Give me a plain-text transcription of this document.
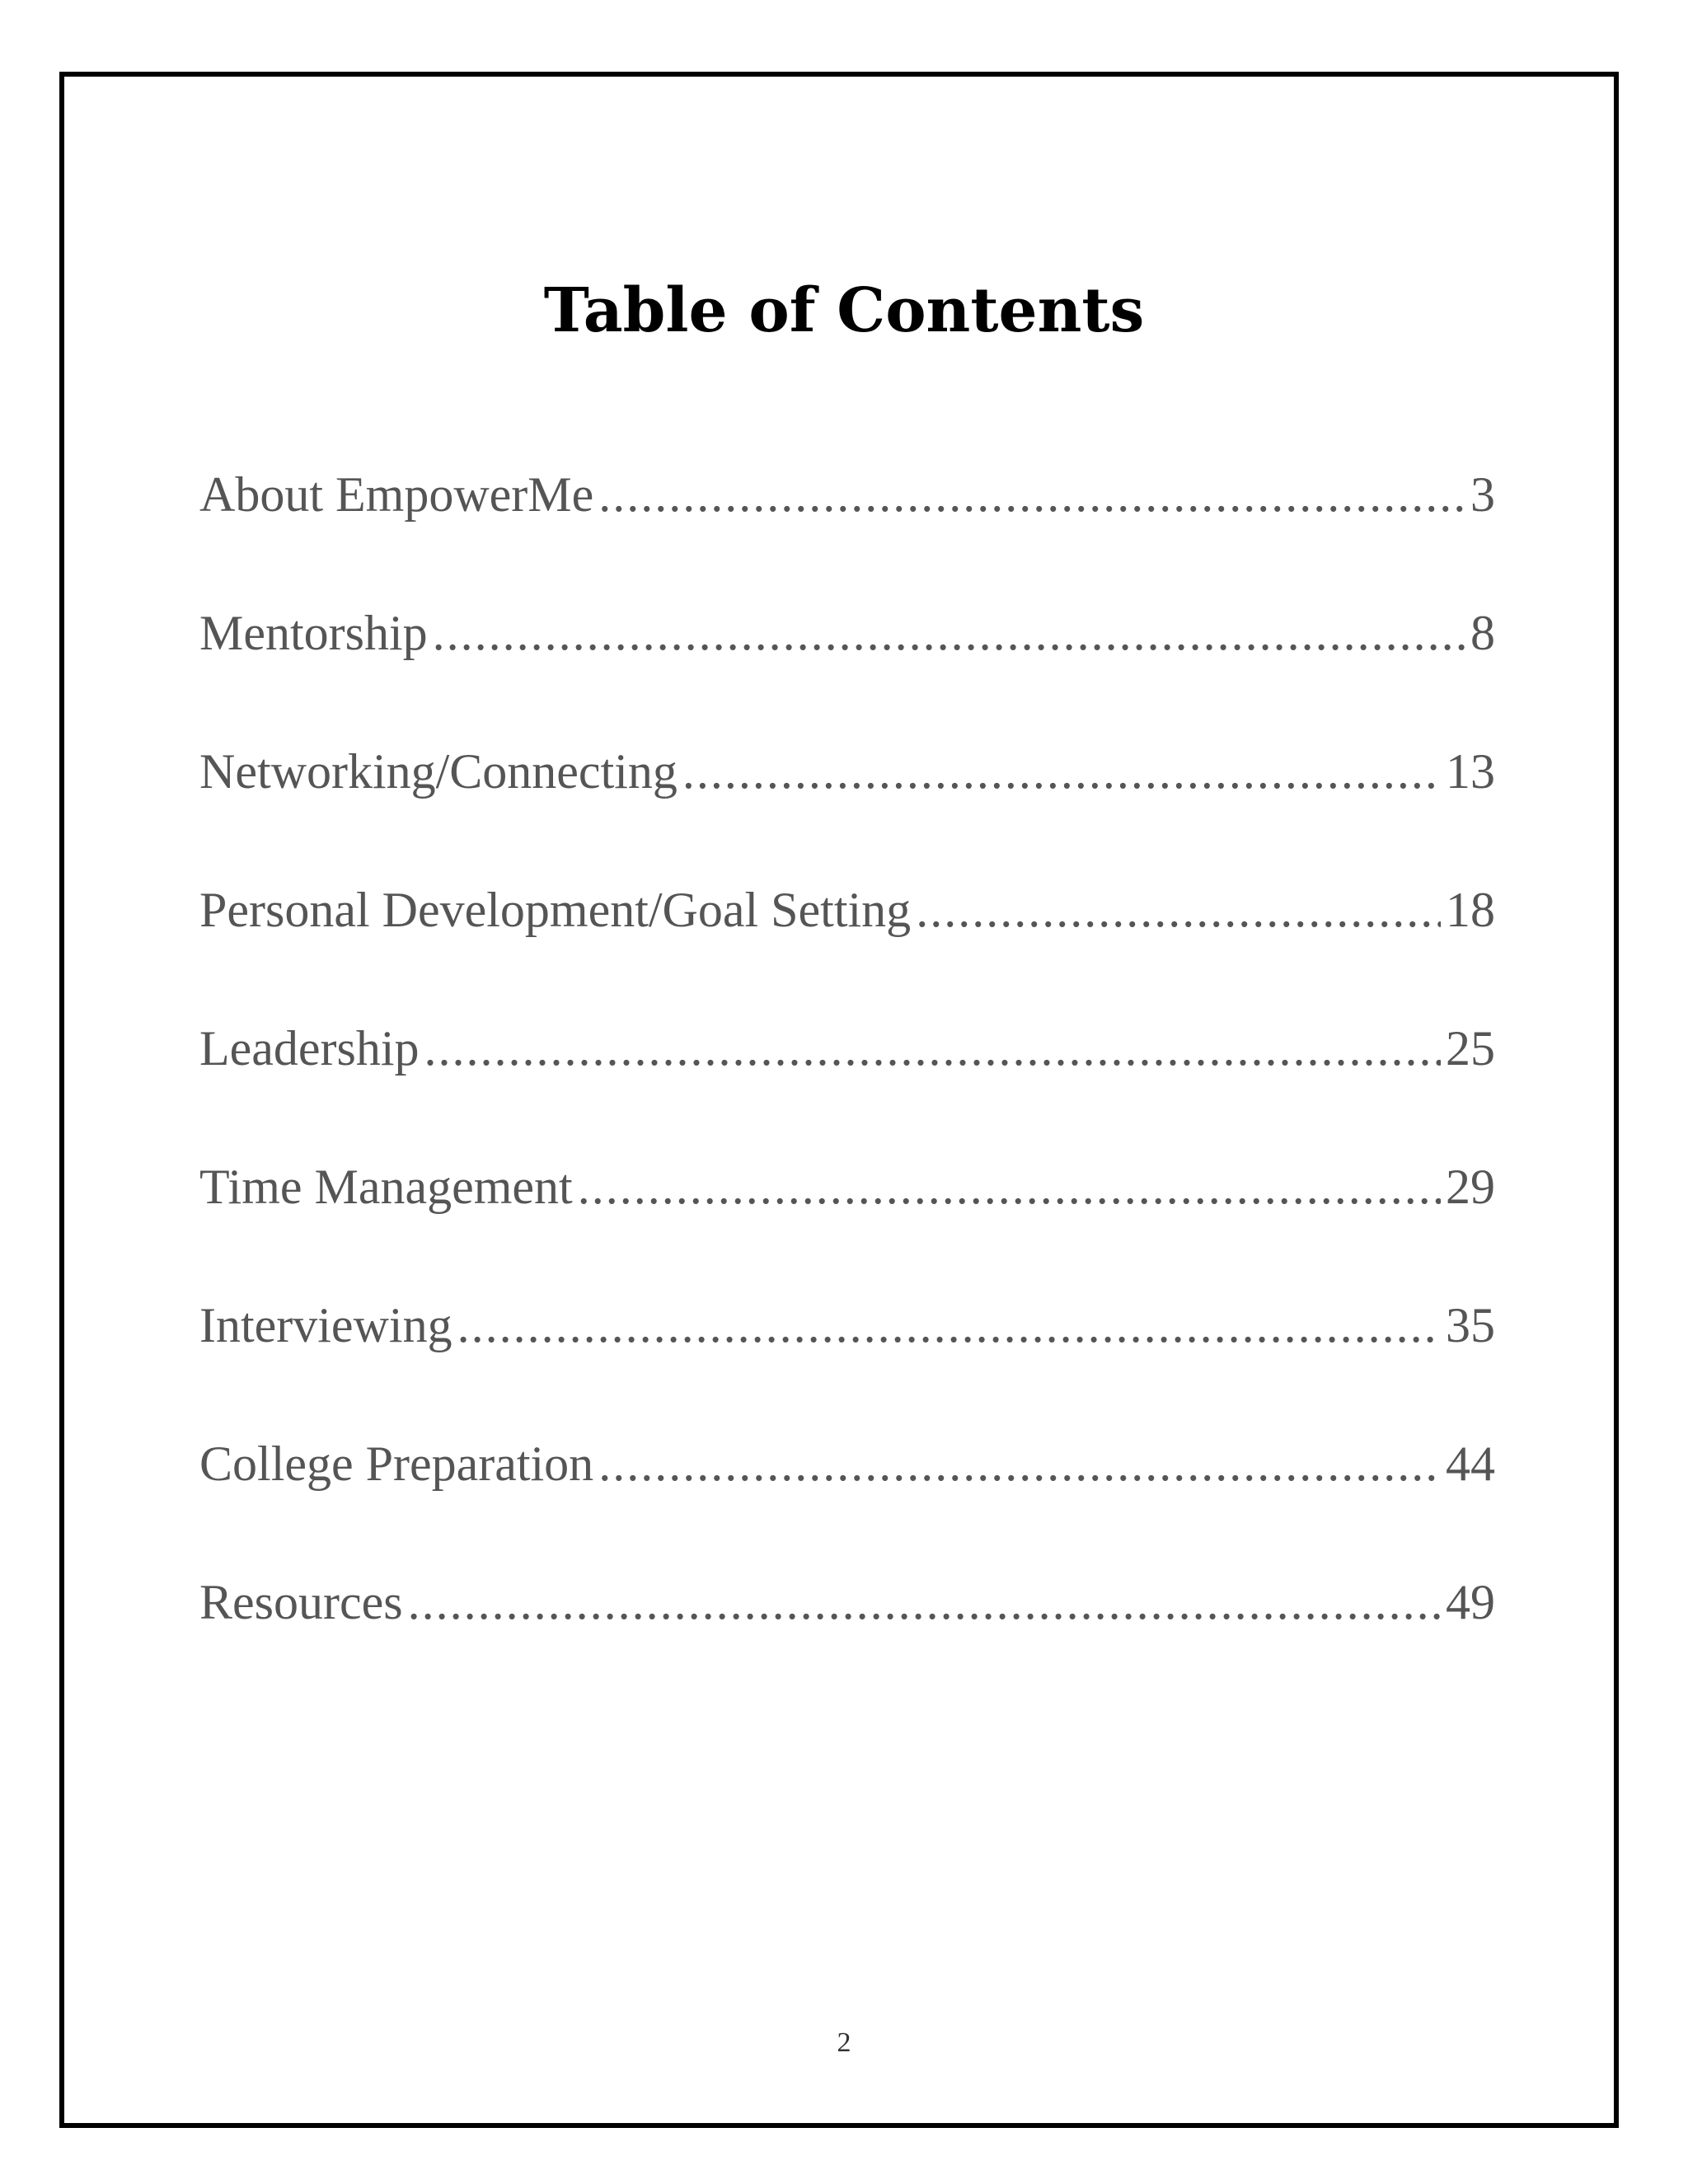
Table of Contents
About EmpowerMe .....	3
Mentorship .....	8
Networking/Connecting .....	13
Personal Development/Goal Setting .....	18
Leadership .....	25
Time Management .....	29
Interviewing .....	35
College Preparation .....	44
Resources .....	49
2
